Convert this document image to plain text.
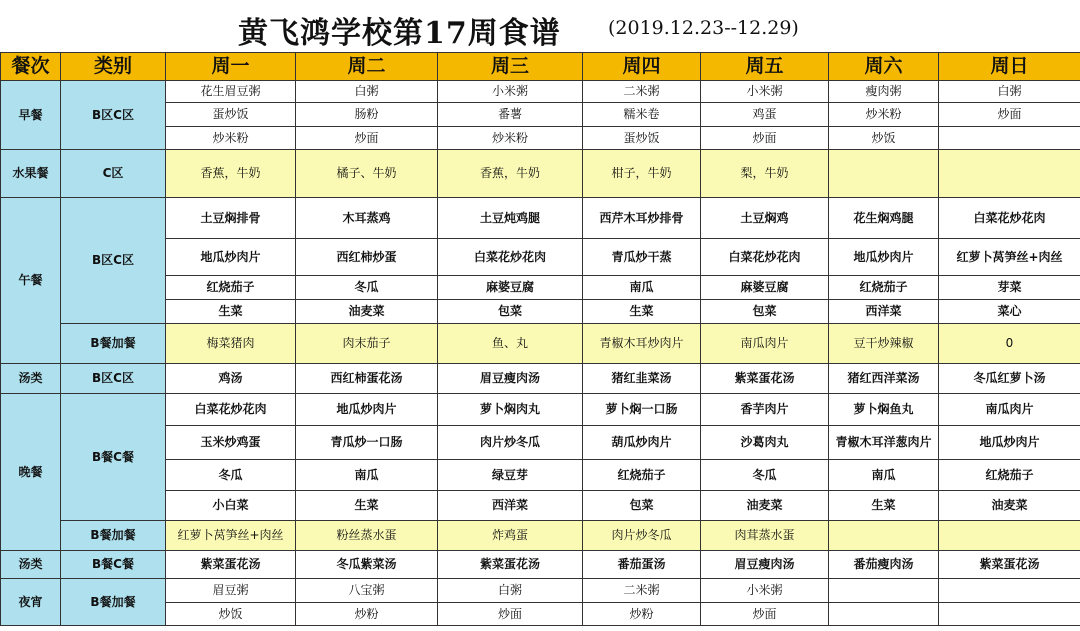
黄飞鸿学校第17周食谱 (2019.12.23--12.29)
餐次	类别	周一	周二	周三	周四	周五	周六	周日
早餐	B区C区	花生眉豆粥	白粥	小米粥	二米粥	小米粥	瘦肉粥	白粥
		蛋炒饭	肠粉	番薯	糯米卷	鸡蛋	炒米粉	炒面
		炒米粉	炒面	炒米粉	蛋炒饭	炒面	炒饭	
水果餐	C区	香蕉，牛奶	橘子、牛奶	香蕉，牛奶	柑子，牛奶	梨，牛奶		
午餐	B区C区	土豆焖排骨	木耳蒸鸡	土豆炖鸡腿	西芹木耳炒排骨	土豆焖鸡	花生焖鸡腿	白菜花炒花肉
		地瓜炒肉片	西红柿炒蛋	白菜花炒花肉	青瓜炒干蒸	白菜花炒花肉	地瓜炒肉片	红萝卜莴笋丝+肉丝
		红烧茄子	冬瓜	麻婆豆腐	南瓜	麻婆豆腐	红烧茄子	芽菜
		生菜	油麦菜	包菜	生菜	包菜	西洋菜	菜心
	B餐加餐	梅菜猪肉	肉末茄子	鱼、丸	青椒木耳炒肉片	南瓜肉片	豆干炒辣椒	0
汤类	B区C区	鸡汤	西红柿蛋花汤	眉豆瘦肉汤	猪红韭菜汤	紫菜蛋花汤	猪红西洋菜汤	冬瓜红萝卜汤
晚餐	B餐C餐	白菜花炒花肉	地瓜炒肉片	萝卜焖肉丸	萝卜焖一口肠	香芋肉片	萝卜焖鱼丸	南瓜肉片
		玉米炒鸡蛋	青瓜炒一口肠	肉片炒冬瓜	葫瓜炒肉片	沙葛肉丸	青椒木耳洋葱肉片	地瓜炒肉片
		冬瓜	南瓜	绿豆芽	红烧茄子	冬瓜	南瓜	红烧茄子
		小白菜	生菜	西洋菜	包菜	油麦菜	生菜	油麦菜
	B餐加餐	红萝卜莴笋丝+肉丝	粉丝蒸水蛋	炸鸡蛋	肉片炒冬瓜	肉茸蒸水蛋		
汤类	B餐C餐	紫菜蛋花汤	冬瓜紫菜汤	紫菜蛋花汤	番茄蛋汤	眉豆瘦肉汤	番茄瘦肉汤	紫菜蛋花汤
夜宵	B餐加餐	眉豆粥	八宝粥	白粥	二米粥	小米粥		
		炒饭	炒粉	炒面	炒粉	炒面		
